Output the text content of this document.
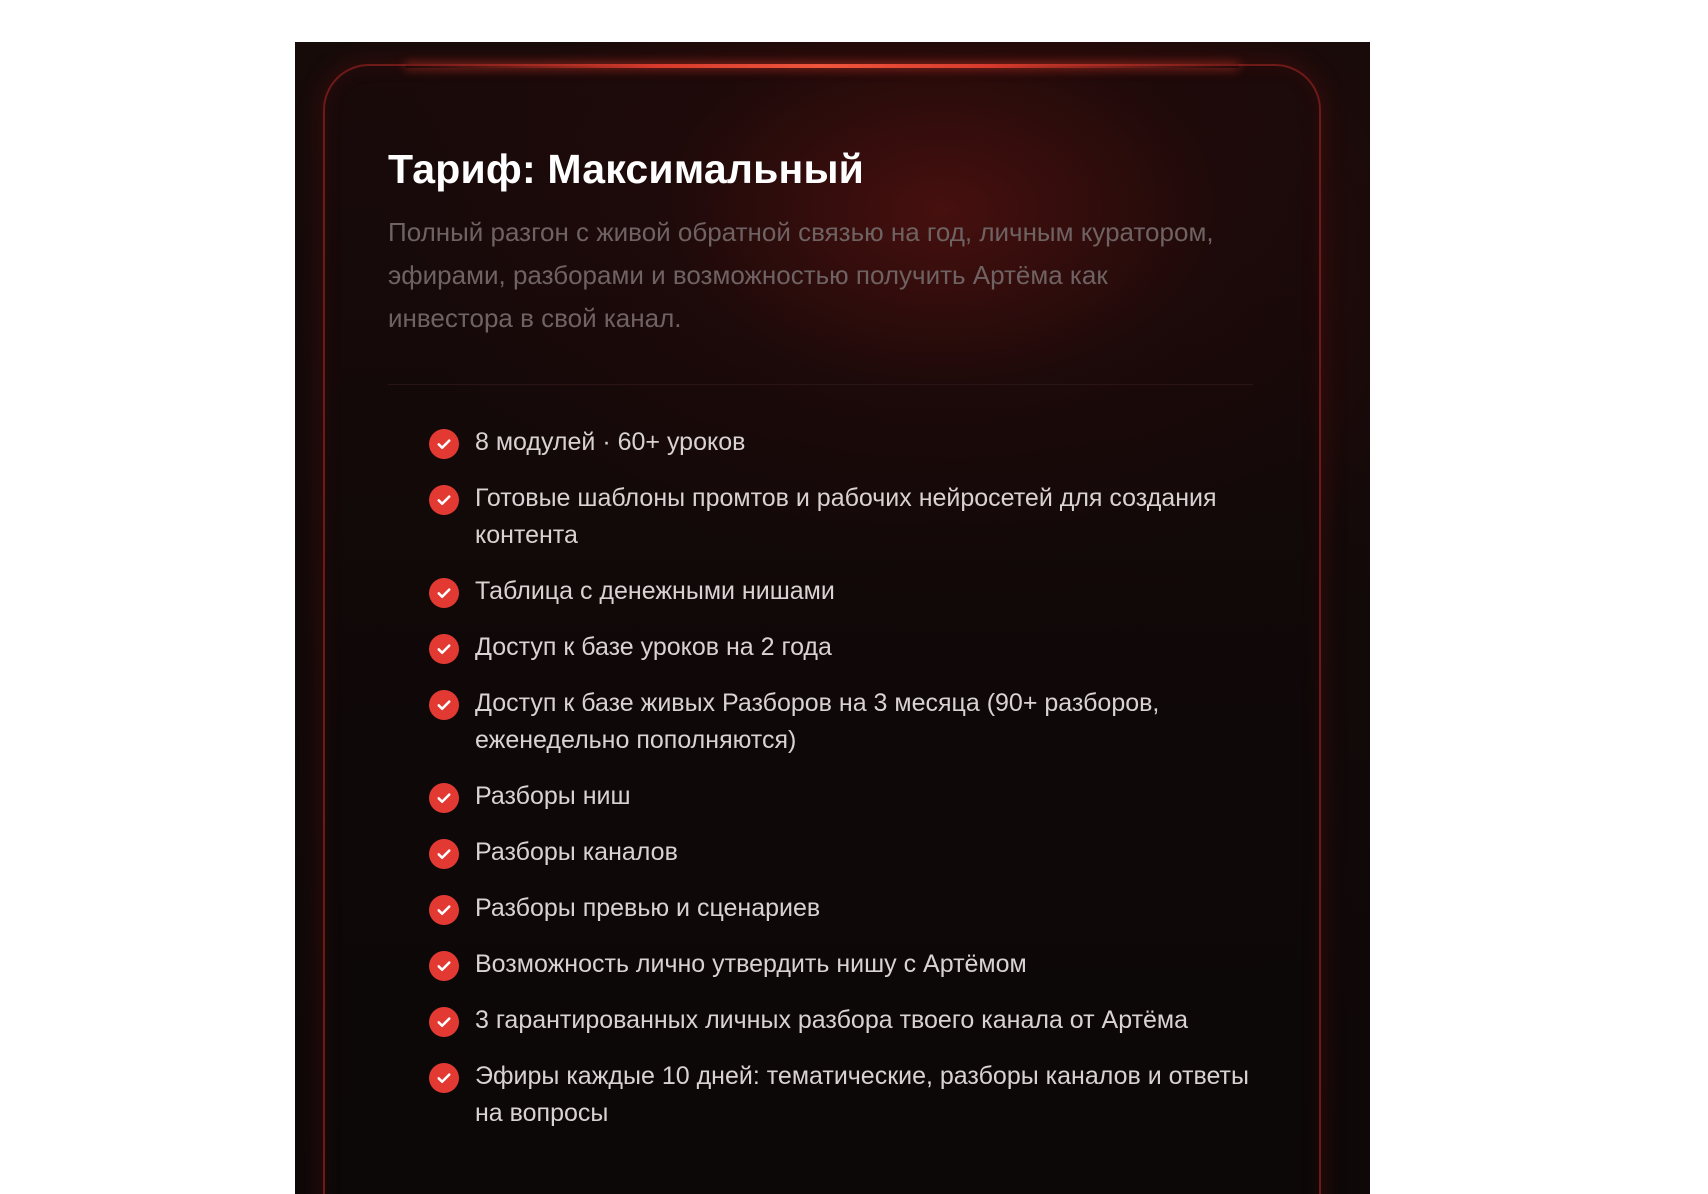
Тариф: Максимальный

Полный разгон с живой обратной связью на год, личным куратором, эфирами, разборами и возможностью получить Артёма как инвестора в свой канал.

8 модулей · 60+ уроков
Готовые шаблоны промтов и рабочих нейросетей для создания контента
Таблица с денежными нишами
Доступ к базе уроков на 2 года
Доступ к базе живых Разборов на 3 месяца (90+ разборов, еженедельно пополняются)
Разборы ниш
Разборы каналов
Разборы превью и сценариев
Возможность лично утвердить нишу с Артёмом
3 гарантированных личных разбора твоего канала от Артёма
Эфиры каждые 10 дней: тематические, разборы каналов и ответы на вопросы
